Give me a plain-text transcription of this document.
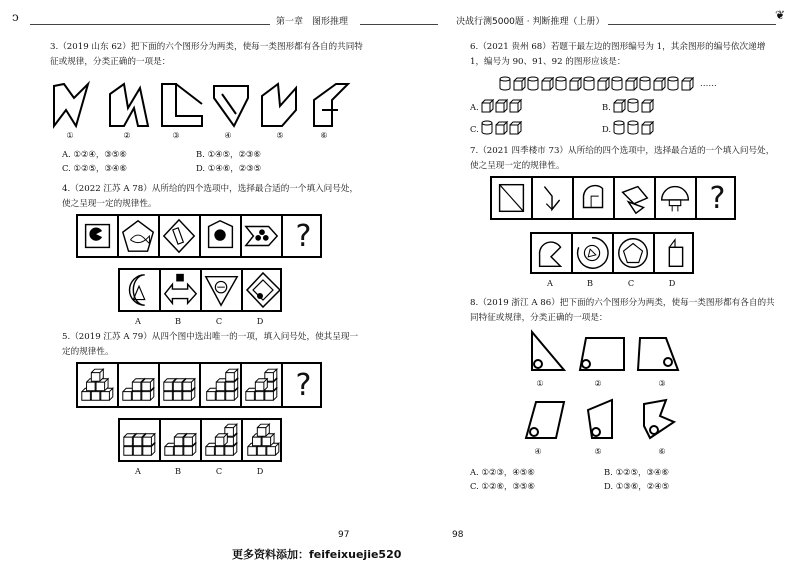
ↄ	第一章　图形推理	决战行测5000题 · 判断推理（上册）	❦
3.（2019 山东 62）把下面的六个图形分为两类，使每一类图形都有各自的共同特征或规律，分类正确的一项是：
①	②	③	④	⑤	⑥
A. ①②④，③⑤⑥	B. ①④⑤，②③⑥
C. ①②⑤，③④⑥	D. ①④⑥，②③⑤
4.（2022 江苏 A 78）从所给的四个选项中，选择最合适的一个填入问号处，使之呈现一定的规律性。
?
A	B	C	D
5.（2019 江苏 A 79）从四个图中选出唯一的一项，填入问号处，使其呈现一定的规律性。
?
A	B	C	D
6.（2021 贵州 68）若题干最左边的图形编号为 1，其余图形的编号依次递增 1，编号为 90、91、92 的图形应该是：
……
A.	B.
C.	D.
7.（2021 四季楼市 73）从所给的四个选项中，选择最合适的一个填入问号处，使之呈现一定的规律性。
?
A	B	C	D
8.（2019 浙江 A 86）把下面的六个图形分为两类，使每一类图形都有各自的共同特征或规律，分类正确的一项是：
①	②	③
④	⑤	⑥
A. ①②③，④⑤⑥	B. ①②⑤，③④⑥
C. ①②⑥，③⑤⑥	D. ①③⑥，②④⑤
97	98
更多资料添加：feifeixuejie520
